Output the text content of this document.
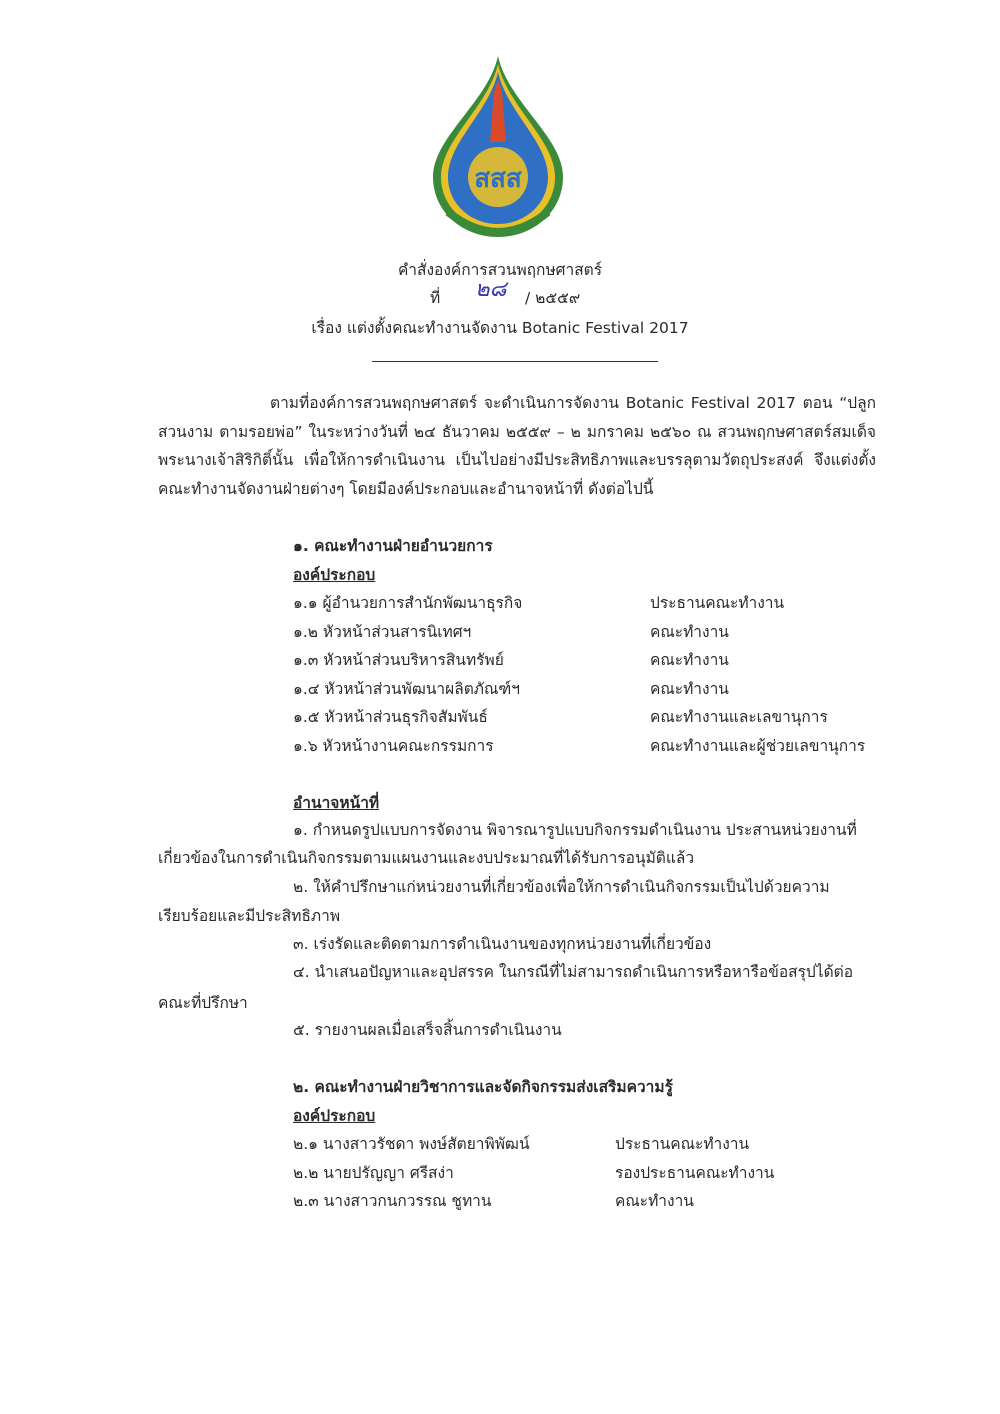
สสส
คำสั่งองค์การสวนพฤกษศาสตร์
ที่ ๒๘ / ๒๕๕๙
เรื่อง แต่งตั้งคณะทำงานจัดงาน Botanic Festival 2017
ตามที่องค์การสวนพฤกษศาสตร์ จะดำเนินการจัดงาน Botanic Festival 2017 ตอน “ปลูกสวนงาม ตามรอยพ่อ” ในระหว่างวันที่ ๒๔ ธันวาคม ๒๕๕๙ – ๒ มกราคม ๒๕๖๐ ณ สวนพฤกษศาสตร์สมเด็จพระนางเจ้าสิริกิติ์นั้น เพื่อให้การดำเนินงาน เป็นไปอย่างมีประสิทธิภาพและบรรลุตามวัตถุประสงค์ จึงแต่งตั้งคณะทำงานจัดงานฝ่ายต่างๆ โดยมีองค์ประกอบและอำนาจหน้าที่ ดังต่อไปนี้
๑. คณะทำงานฝ่ายอำนวยการ
องค์ประกอบ
๑.๑ ผู้อำนวยการสำนักพัฒนาธุรกิจ	ประธานคณะทำงาน
๑.๒ หัวหน้าส่วนสารนิเทศฯ	คณะทำงาน
๑.๓ หัวหน้าส่วนบริหารสินทรัพย์	คณะทำงาน
๑.๔ หัวหน้าส่วนพัฒนาผลิตภัณฑ์ฯ	คณะทำงาน
๑.๕ หัวหน้าส่วนธุรกิจสัมพันธ์	คณะทำงานและเลขานุการ
๑.๖ หัวหน้างานคณะกรรมการ	คณะทำงานและผู้ช่วยเลขานุการ
อำนาจหน้าที่
๑. กำหนดรูปแบบการจัดงาน พิจารณารูปแบบกิจกรรมดำเนินงาน ประสานหน่วยงานที่
เกี่ยวข้องในการดำเนินกิจกรรมตามแผนงานและงบประมาณที่ได้รับการอนุมัติแล้ว
๒. ให้คำปรึกษาแก่หน่วยงานที่เกี่ยวข้องเพื่อให้การดำเนินกิจกรรมเป็นไปด้วยความ
เรียบร้อยและมีประสิทธิภาพ
๓. เร่งรัดและติดตามการดำเนินงานของทุกหน่วยงานที่เกี่ยวข้อง
๔. นำเสนอปัญหาและอุปสรรค ในกรณีที่ไม่สามารถดำเนินการหรือหารือข้อสรุปได้ต่อ
คณะที่ปรึกษา
๕. รายงานผลเมื่อเสร็จสิ้นการดำเนินงาน
๒. คณะทำงานฝ่ายวิชาการและจัดกิจกรรมส่งเสริมความรู้
องค์ประกอบ
๒.๑ นางสาวรัชดา พงษ์สัตยาพิพัฒน์	ประธานคณะทำงาน
๒.๒ นายปรัญญา ศรีสง่า	รองประธานคณะทำงาน
๒.๓ นางสาวกนกวรรณ ชูทาน	คณะทำงาน
